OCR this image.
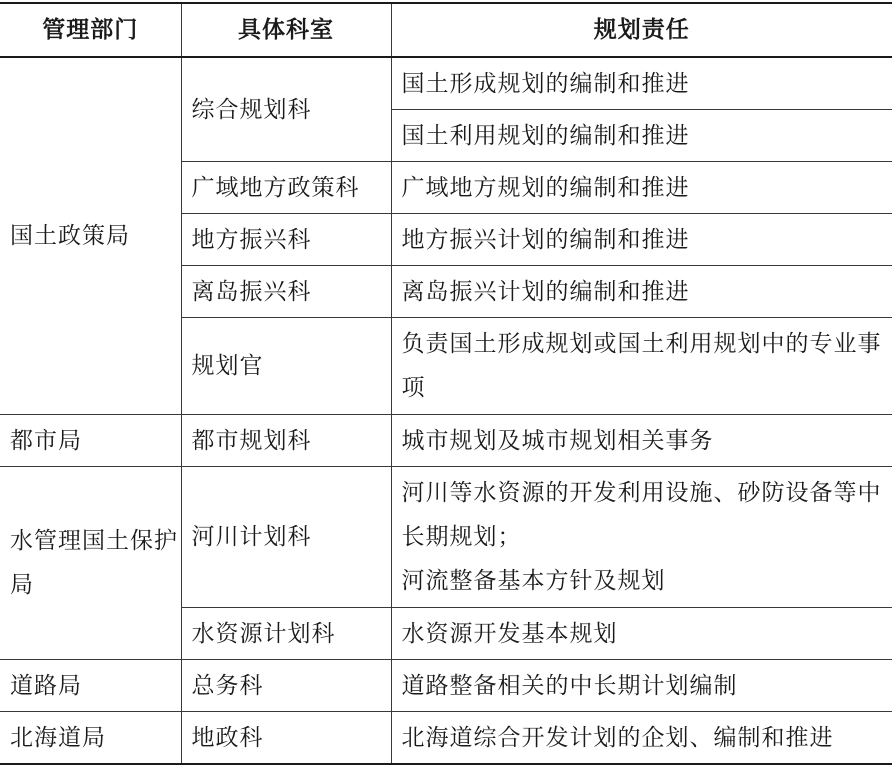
管理部门	具体科室	规划责任
国土政策局	综合规划科	国土形成规划的编制和推进

		国土利用规划的编制和推进

	广域地方政策科	广域地方规划的编制和推进

	地方振兴科	地方振兴计划的编制和推进

	离岛振兴科	离岛振兴计划的编制和推进

	规划官	负责国土形成规划或国土利用规划中的专业事项

都市局	都市规划科	城市规划及城市规划相关事务

水管理国土保护局	河川计划科	河川等水资源的开发利用设施、砂防设备等中长期规划；
河流整备基本方针及规划

	水资源计划科	水资源开发基本规划

道路局	总务科	道路整备相关的中长期计划编制

北海道局	地政科	北海道综合开发计划的企划、编制和推进
